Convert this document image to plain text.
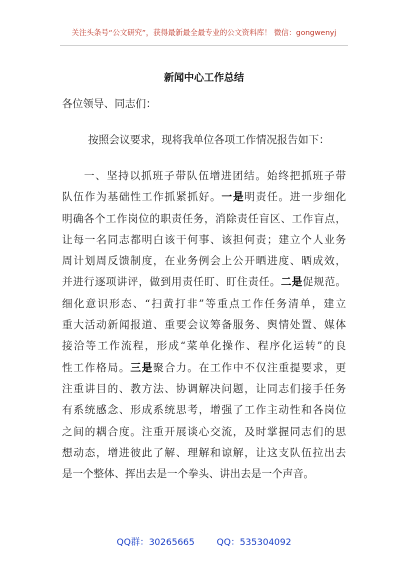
关注头条号“公文研究”，获得最新最全最专业的公文资料库！ 微信：gongwenyj
新闻中心工作总结
各位领导、同志们：
按照会议要求，现将我单位各项工作情况报告如下：
一、坚持以抓班子带队伍增进团结。始终把抓班子带
队伍作为基础性工作抓紧抓好。一是明责任。进一步细化
明确各个工作岗位的职责任务，消除责任盲区、工作盲点，
让每一名同志都明白该干何事、该担何责；建立个人业务
周计划周反馈制度，在业务例会上公开晒进度、晒成效，
并进行逐项讲评，做到用责任盯、盯住责任。二是促规范。
细化意识形态、“扫黄打非”等重点工作任务清单，建立
重大活动新闻报道、重要会议筹备服务、舆情处置、媒体
接洽等工作流程，形成“菜单化操作、程序化运转”的良
性工作格局。三是聚合力。在工作中不仅注重提要求，更
注重讲目的、教方法、协调解决问题，让同志们接手任务
有系统感念、形成系统思考，增强了工作主动性和各岗位
之间的耦合度。注重开展谈心交流，及时掌握同志们的思
想动态，增进彼此了解、理解和谅解，让这支队伍拉出去
是一个整体、挥出去是一个拳头、讲出去是一个声音。
QQ群：30265665 QQ：535304092
